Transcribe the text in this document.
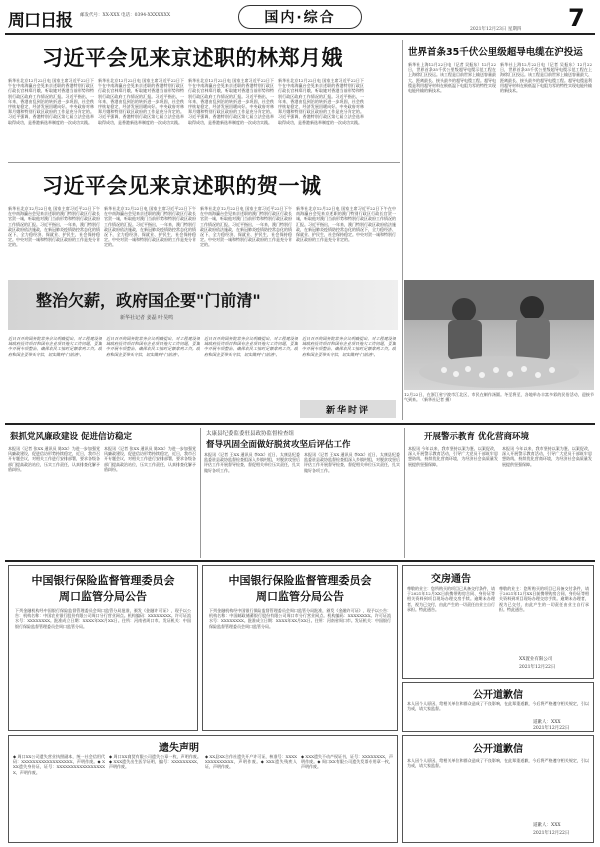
周口日报 邮发代号：XX-XXX 电话：0394-XXXXXXX	国内·综合	7
2021年12月23日 星期四
习近平会见来京述职的林郑月娥
新华社北京12月22日电 国家主席习近平22日下午在中南海瀛台会见来京述职的香港特别行政区行政长官林郑月娥，听取她对香港当前形势和特别行政区政府工作情况的汇报。习近平指出，一年来，香港由乱到治的转折进一步巩固，社会秩序恢复稳定，经济发展回暖向好。中央政府对林郑月娥和特别行政区政府的工作是充分肯定的。习近平强调，香港特别行政区第七届立法会选举取得成功，是香港新选举制度的一次成功实践。
新华社北京12月22日电 国家主席习近平22日下午在中南海瀛台会见来京述职的香港特别行政区行政长官林郑月娥，听取她对香港当前形势和特别行政区政府工作情况的汇报。习近平指出，一年来，香港由乱到治的转折进一步巩固，社会秩序恢复稳定，经济发展回暖向好。中央政府对林郑月娥和特别行政区政府的工作是充分肯定的。习近平强调，香港特别行政区第七届立法会选举取得成功，是香港新选举制度的一次成功实践。
新华社北京12月22日电 国家主席习近平22日下午在中南海瀛台会见来京述职的香港特别行政区行政长官林郑月娥，听取她对香港当前形势和特别行政区政府工作情况的汇报。习近平指出，一年来，香港由乱到治的转折进一步巩固，社会秩序恢复稳定，经济发展回暖向好。中央政府对林郑月娥和特别行政区政府的工作是充分肯定的。习近平强调，香港特别行政区第七届立法会选举取得成功，是香港新选举制度的一次成功实践。
新华社北京12月22日电 国家主席习近平22日下午在中南海瀛台会见来京述职的香港特别行政区行政长官林郑月娥，听取她对香港当前形势和特别行政区政府工作情况的汇报。习近平指出，一年来，香港由乱到治的转折进一步巩固，社会秩序恢复稳定，经济发展回暖向好。中央政府对林郑月娥和特别行政区政府的工作是充分肯定的。习近平强调，香港特别行政区第七届立法会选举取得成功，是香港新选举制度的一次成功实践。
习近平会见来京述职的贺一诚
新华社北京12月22日电 国家主席习近平22日下午在中南海瀛台会见来京述职的澳门特别行政区行政长官贺一诚，听取他对澳门当前形势和特别行政区政府工作情况的汇报。习近平指出，一年来，澳门特别行政区政府依法施政，在新冠肺炎疫情防控常态化的情况下，全力稳经济、保就业、护民生，社会保持稳定。中央对贺一诚和特别行政区政府的工作是充分肯定的。
新华社北京12月22日电 国家主席习近平22日下午在中南海瀛台会见来京述职的澳门特别行政区行政长官贺一诚，听取他对澳门当前形势和特别行政区政府工作情况的汇报。习近平指出，一年来，澳门特别行政区政府依法施政，在新冠肺炎疫情防控常态化的情况下，全力稳经济、保就业、护民生，社会保持稳定。中央对贺一诚和特别行政区政府的工作是充分肯定的。
新华社北京12月22日电 国家主席习近平22日下午在中南海瀛台会见来京述职的澳门特别行政区行政长官贺一诚，听取他对澳门当前形势和特别行政区政府工作情况的汇报。习近平指出，一年来，澳门特别行政区政府依法施政，在新冠肺炎疫情防控常态化的情况下，全力稳经济、保就业、护民生，社会保持稳定。中央对贺一诚和特别行政区政府的工作是充分肯定的。
新华社北京12月22日电 国家主席习近平22日下午在中南海瀛台会见来京述职的澳门特别行政区行政长官贺一诚，听取他对澳门当前形势和特别行政区政府工作情况的汇报。习近平指出，一年来，澳门特别行政区政府依法施政，在新冠肺炎疫情防控常态化的情况下，全力稳经济、保就业、护民生，社会保持稳定。中央对贺一诚和特别行政区政府的工作是充分肯定的。
世界首条35千伏公里级超导电缆在沪投运
新华社上海12月22日电（记者 吴振东）12月22日，世界首条35千伏公里级超导电缆示范工程在上海徐汇区投运。该工程是目前世界上输送容量最大、距离最长、接头最多的超导电缆工程。超导电缆是利用超导材料在极低温下电阻为零的特性实现电能传输的新技术。
新华社上海12月22日电（记者 吴振东）12月22日，世界首条35千伏公里级超导电缆示范工程在上海徐汇区投运。该工程是目前世界上输送容量最大、距离最长、接头最多的超导电缆工程。超导电缆是利用超导材料在极低温下电阻为零的特性实现电能传输的新技术。
12月22日，在浙江省宁波市江北区，市民在制作汤圆。冬至将至，各地举办丰富多彩的民俗活动，迎接节气到来。（新华社记者 摄）
整治欠薪，政府国企要"门前清"
新华社记者 姜磊 叶昊鸣
近日召开的国务院常务会议明确提出，对工程建设领域政府投资项目和国有企业项目拖欠工资问题，要集中开展专项整治，确保农民工按时足额拿到工资。政府和国企要带头守信，切实做到"门前清"。
近日召开的国务院常务会议明确提出，对工程建设领域政府投资项目和国有企业项目拖欠工资问题，要集中开展专项整治，确保农民工按时足额拿到工资。政府和国企要带头守信，切实做到"门前清"。
近日召开的国务院常务会议明确提出，对工程建设领域政府投资项目和国有企业项目拖欠工资问题，要集中开展专项整治，确保农民工按时足额拿到工资。政府和国企要带头守信，切实做到"门前清"。
近日召开的国务院常务会议明确提出，对工程建设领域政府投资项目和国有企业项目拖欠工资问题，要集中开展专项整治，确保农民工按时足额拿到工资。政府和国企要带头守信，切实做到"门前清"。
新华时评
狠抓党风廉政建设 促进信访稳定
本报讯（记者 张XX 通讯员 陈XX）为进一步加强党风廉政建设，促进信访形势持续稳定，近日，我市召开专题会议，对相关工作进行安排部署，要求各级各部门提高政治站位，压实工作责任，认真排查化解矛盾纠纷。
本报讯（记者 张XX 通讯员 陈XX）为进一步加强党风廉政建设，促进信访形势持续稳定，近日，我市召开专题会议，对相关工作进行安排部署，要求各级各部门提高政治站位，压实工作责任，认真排查化解矛盾纠纷。
太康县纪委监委驻县政协监督检查组
督导巩固全面做好脱贫攻坚后评估工作
本报讯（记者 王XX 通讯员 李XX）近日，太康县纪委监委驻县政协监督检查组深入乡镇村组，对脱贫攻坚后评估工作开展督导检查，督促相关单位压实责任，扎实做好各项工作。
本报讯（记者 王XX 通讯员 李XX）近日，太康县纪委监委驻县政协监督检查组深入乡镇村组，对脱贫攻坚后评估工作开展督导检查，督促相关单位压实责任，扎实做好各项工作。
开展警示教育 优化营商环境
本报讯 今年以来，我市坚持以案为鉴、以案促改，深入开展警示教育活动，引导广大党员干部筑牢思想防线，持续优化营商环境，为经济社会高质量发展提供坚强保障。
本报讯 今年以来，我市坚持以案为鉴、以案促改，深入开展警示教育活动，引导广大党员干部筑牢思想防线，持续优化营商环境，为经济社会高质量发展提供坚强保障。
中国银行保险监督管理委员会
周口监管分局公告
下列金融机构经中国银行保险监督管理委员会周口监管分局批准，颁发《金融许可证》，现予以公告：机构名称：中国农业银行股份有限公司周口分行营业网点。机构编码：XXXXXXXX。许可证流水号：XXXXXXXX。批准成立日期：XXXX年XX月XX日。住所：河南省周口市。发证机关：中国银行保险监督管理委员会周口监管分局。
中国银行保险监督管理委员会
周口监管分局公告
下列金融机构经中国银行保险监督管理委员会周口监管分局批准，颁发《金融许可证》，现予以公告：机构名称：中国邮政储蓄银行股份有限公司周口市分行营业网点。机构编码：XXXXXXXX。许可证流水号：XXXXXXXX。批准成立日期：XXXX年XX月XX日。住所：河南省周口市。发证机关：中国银行保险监督管理委员会周口监管分局。
交房通告
尊敬的业主：您所购买的项目已具备交付条件，请于2021年12月XX日前携带购房合同、身份证等相关资料到项目现场办理交房手续。逾期未办理者，视为已交付，由此产生的一切责任由业主自行承担。特此通告。
尊敬的业主：您所购买的项目已具备交付条件，请于2021年12月XX日前携带购房合同、身份证等相关资料到项目现场办理交房手续。逾期未办理者，视为已交付，由此产生的一切责任由业主自行承担。特此通告。
XX置业有限公司
2021年12月22日
公开道歉信
本人因个人原因，给相关单位和群众造成了不良影响，在此郑重道歉，今后将严格遵守相关规定，引以为戒，请大家监督。
道歉人：XXX
2021年12月22日
遗失声明
◆ 周口XX公司遗失营业执照副本，统一社会信用代码：XXXXXXXXXXXXXXXXXX，声明作废。◆ XXX遗失身份证，证号：XXXXXXXXXXXXXXXXXX，声明作废。
◆ 周口XX商贸有限公司遗失公章一枚，声明作废。◆ XXX遗失出生医学证明，编号：XXXXXXXXX，声明作废。
◆ XX县XX合作社遗失开户许可证，核准号：XXXXXXXXXXXXXX，声明作废。◆ XXX遗失残疾人证，声明作废。
◆ XXX遗失不动产权证书，证号：XXXXXXXX，声明作废。◆ 周口XX有限公司遗失发票专用章一枚，声明作废。
公开道歉信
本人因个人原因，给相关单位和群众造成了不良影响，在此郑重道歉，今后将严格遵守相关规定，引以为戒，请大家监督。
道歉人：XXX
2021年12月22日
